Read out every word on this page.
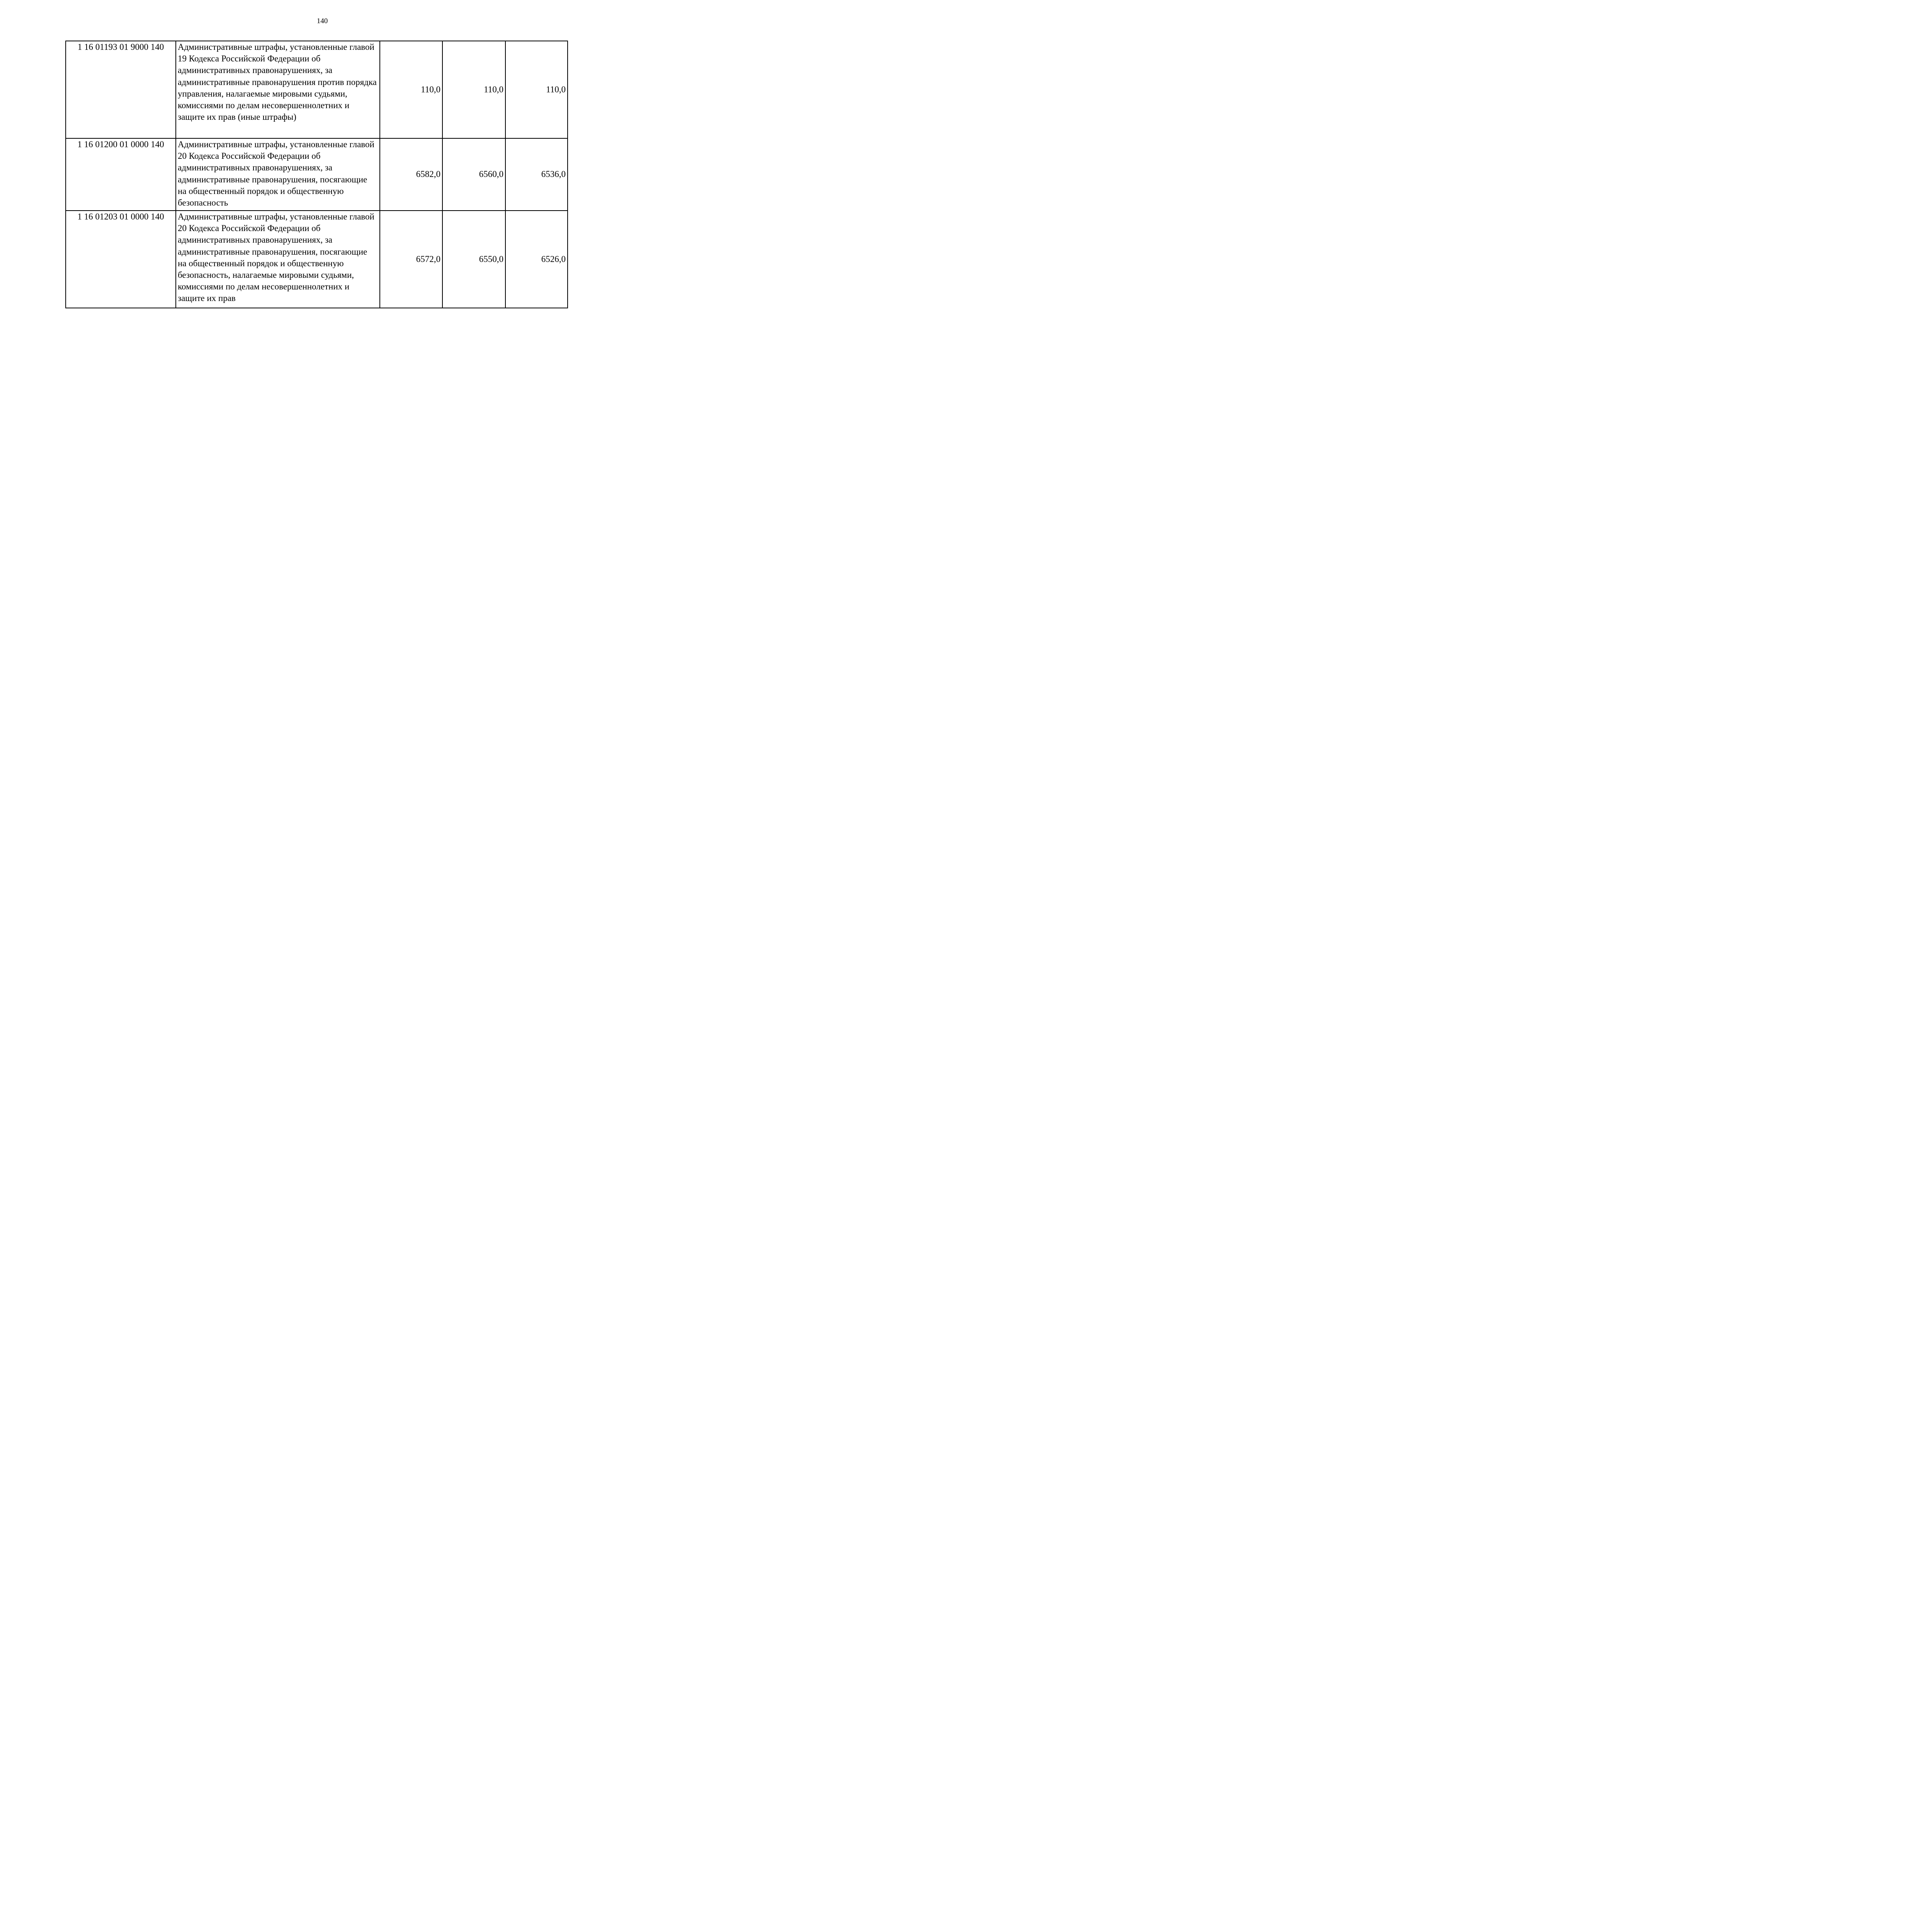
140
1 16 01193 01 9000 140	Административные штрафы, установленные главой 19 Кодекса Российской Федерации об административных правонарушениях, за административные правонарушения против порядка управления, налагаемые мировыми судьями, комиссиями по делам несовершеннолетних и защите их прав (иные штрафы)	110,0	110,0	110,0
1 16 01200 01 0000 140	Административные штрафы, установленные главой 20 Кодекса Российской Федерации об административных правонарушениях, за административные правонарушения, посягающие на общественный порядок и общественную безопасность	6582,0	6560,0	6536,0
1 16 01203 01 0000 140	Административные штрафы, установленные главой 20 Кодекса Российской Федерации об административных правонарушениях, за административные правонарушения, посягающие на общественный порядок и общественную безопасность, налагаемые мировыми судьями, комиссиями по делам несовершеннолетних и защите их прав	6572,0	6550,0	6526,0
